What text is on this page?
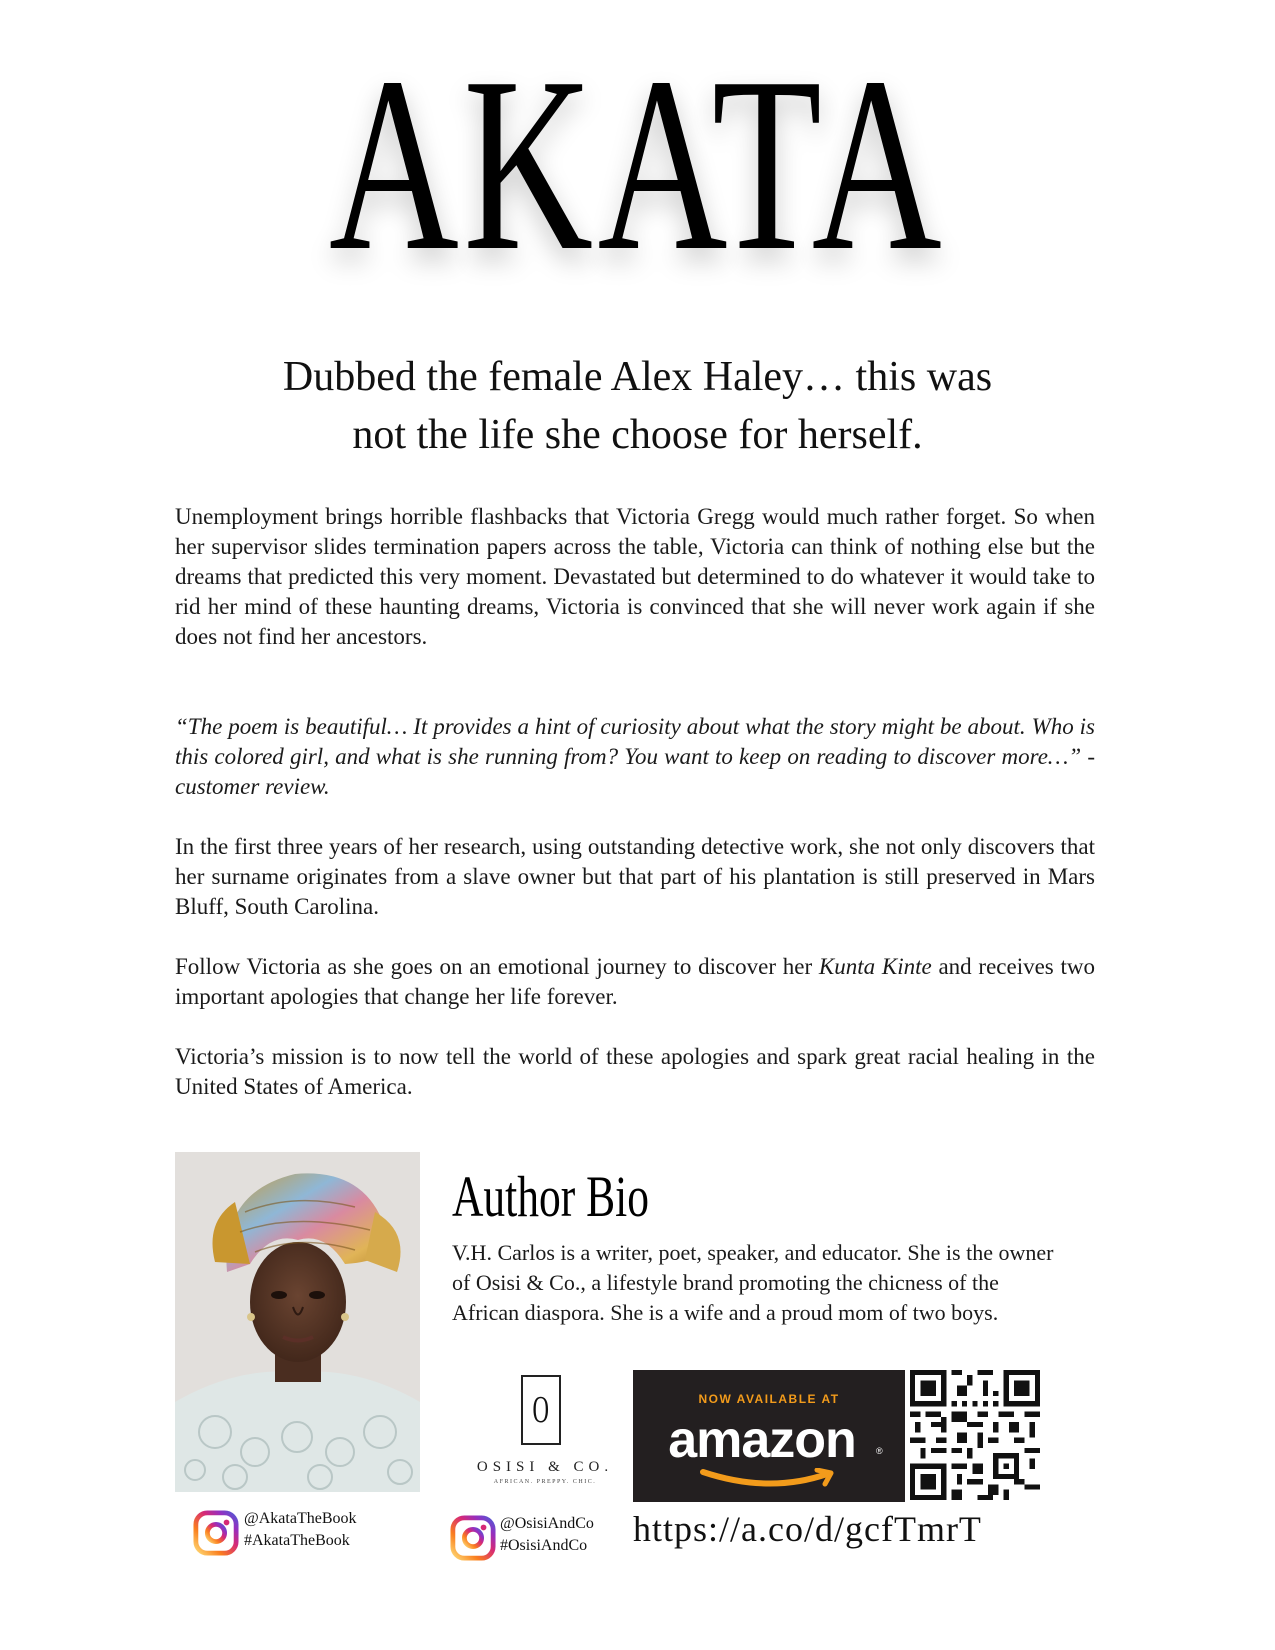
AKATA
Dubbed the female Alex Haley… this was
not the life she choose for herself.
Unemployment brings horrible flashbacks that Victoria Gregg would much rather forget. So when her supervisor slides termination papers across the table, Victoria can think of nothing else but the dreams that predicted this very moment. Devastated but determined to do whatever it would take to rid her mind of these haunting dreams, Victoria is convinced that she will never work again if she does not find her ancestors.
“The poem is beautiful… It provides a hint of curiosity about what the story might be about. Who is this colored girl, and what is she running from? You want to keep on reading to discover more…” - customer review.
In the first three years of her research, using outstanding detective work, she not only discovers that her surname originates from a slave owner but that part of his plantation is still preserved in Mars Bluff, South Carolina.
Follow Victoria as she goes on an emotional journey to discover her Kunta Kinte and receives two important apologies that change her life forever.
Victoria’s mission is to now tell the world of these apologies and spark great racial healing in the United States of America.
Author Bio
V.H. Carlos is a writer, poet, speaker, and educator. She is the owner of Osisi & Co., a lifestyle brand promoting the chicness of the African diaspora. She is a wife and a proud mom of two boys.
O
OSISI & CO.
AFRICAN. PREPPY. CHIC.
NOW AVAILABLE AT
amazon	®
https://a.co/d/gcfTmrT
@AkataTheBook
#AkataTheBook
@OsisiAndCo
#OsisiAndCo
